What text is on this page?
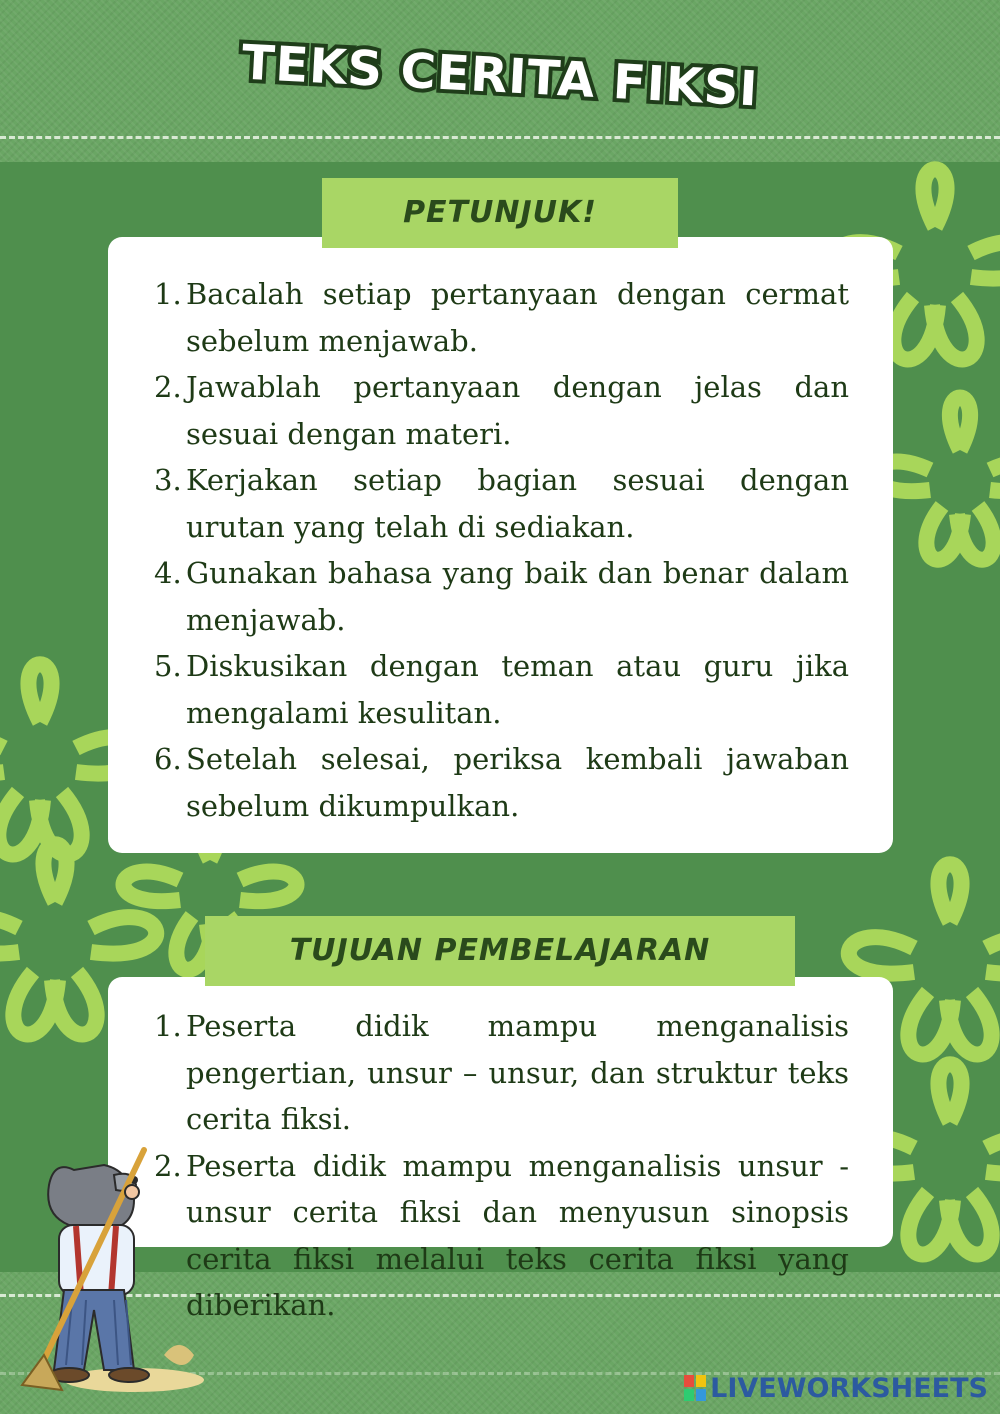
TEKS CERITA FIKSI
PETUNJUK!
1. Bacalah setiap pertanyaan dengan cermat sebelum menjawab.
2. Jawablah pertanyaan dengan jelas dan sesuai dengan materi.
3. Kerjakan setiap bagian sesuai dengan urutan yang telah di sediakan.
4. Gunakan bahasa yang baik dan benar dalam menjawab.
5. Diskusikan dengan teman atau guru jika mengalami kesulitan.
6. Setelah selesai, periksa kembali jawaban sebelum dikumpulkan.
TUJUAN PEMBELAJARAN
1. Peserta didik mampu menganalisis pengertian, unsur – unsur, dan struktur teks cerita fiksi.
2. Peserta didik mampu menganalisis unsur - unsur cerita fiksi dan menyusun sinopsis cerita fiksi melalui teks cerita fiksi yang diberikan.
LIVEWORKSHEETS
